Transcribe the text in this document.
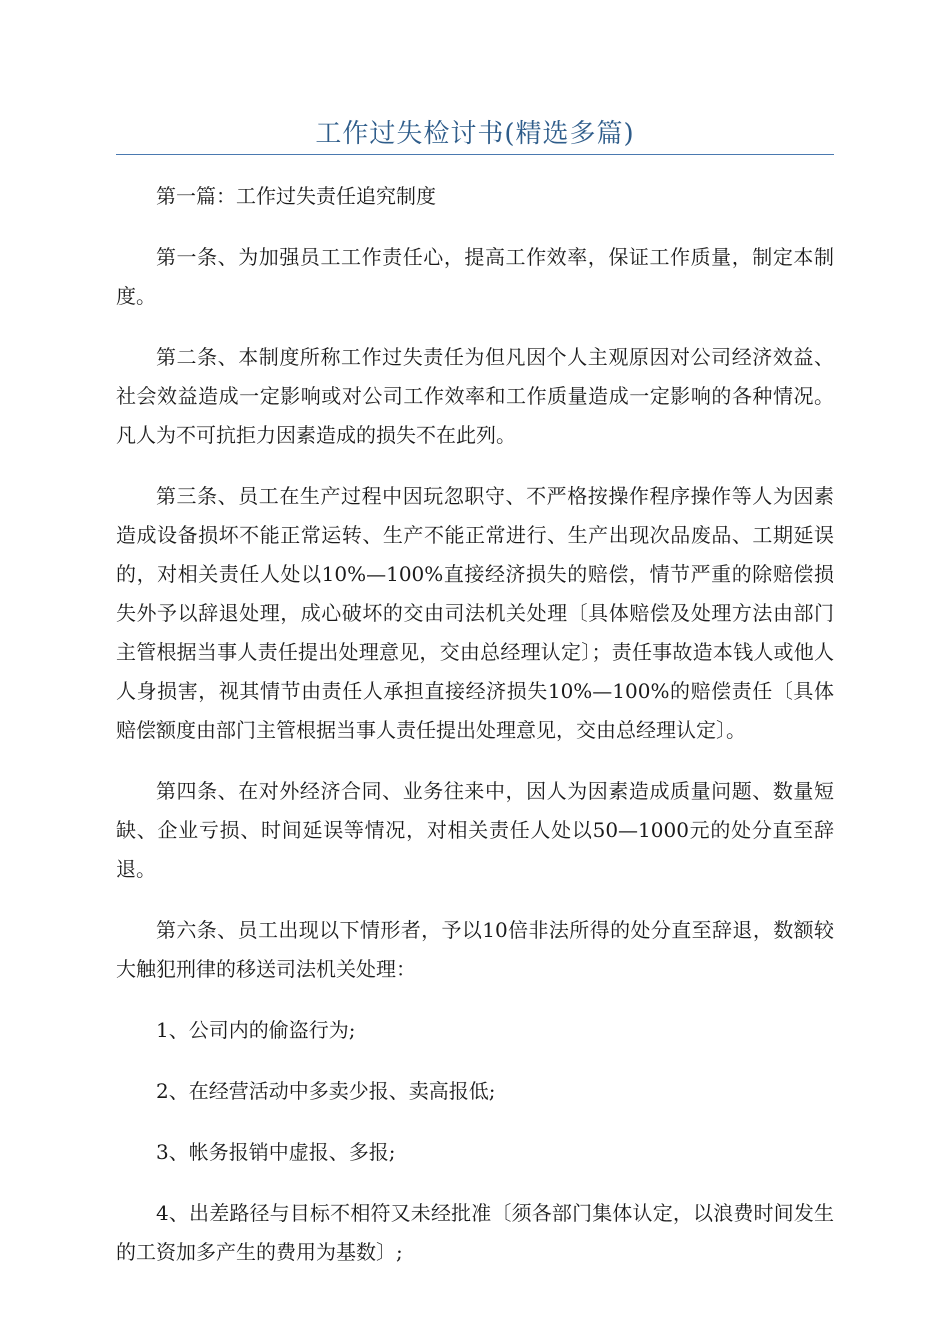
工作过失检讨书(精选多篇)

第一篇：工作过失责任追究制度

第一条、为加强员工工作责任心，提高工作效率，保证工作质量，制定本制度。

第二条、本制度所称工作过失责任为但凡因个人主观原因对公司经济效益、社会效益造成一定影响或对公司工作效率和工作质量造成一定影响的各种情况。凡人为不可抗拒力因素造成的损失不在此列。

第三条、员工在生产过程中因玩忽职守、不严格按操作程序操作等人为因素造成设备损坏不能正常运转、生产不能正常进行、生产出现次品废品、工期延误的，对相关责任人处以10%—100%直接经济损失的赔偿，情节严重的除赔偿损失外予以辞退处理，成心破坏的交由司法机关处理〔具体赔偿及处理方法由部门主管根据当事人责任提出处理意见，交由总经理认定〕；责任事故造本钱人或他人人身损害，视其情节由责任人承担直接经济损失10%—100%的赔偿责任〔具体赔偿额度由部门主管根据当事人责任提出处理意见，交由总经理认定〕。

第四条、在对外经济合同、业务往来中，因人为因素造成质量问题、数量短缺、企业亏损、时间延误等情况，对相关责任人处以50—1000元的处分直至辞退。

第六条、员工出现以下情形者，予以10倍非法所得的处分直至辞退，数额较大触犯刑律的移送司法机关处理：

1、公司内的偷盗行为;

2、在经营活动中多卖少报、卖高报低;

3、帐务报销中虚报、多报;

4、出差路径与目标不相符又未经批准〔须各部门集体认定，以浪费时间发生的工资加多产生的费用为基数〕;
